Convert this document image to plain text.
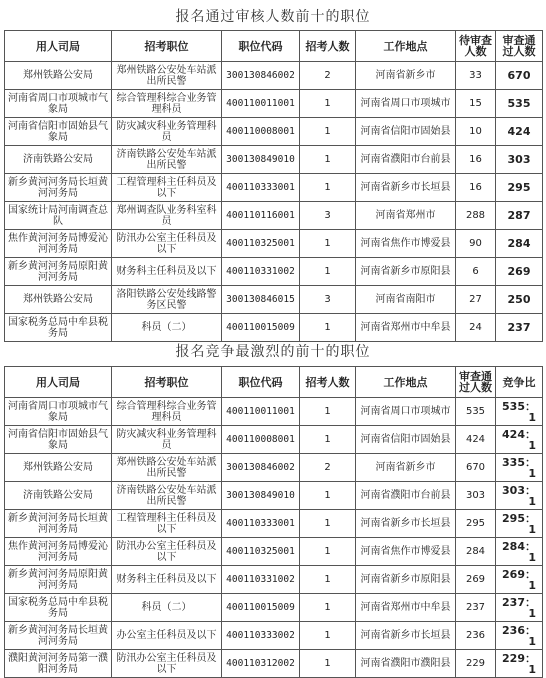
报名通过审核人数前十的职位
用人司局	招考职位	职位代码	招考人数	工作地点	待审查人数	审查通过人数
郑州铁路公安局	郑州铁路公安处车站派出所民警	300130846002	2	河南省新乡市	33	670
河南省周口市项城市气象局	综合管理科综合业务管理科员	400110011001	1	河南省周口市项城市	15	535
河南省信阳市固始县气象局	防灾减灾科业务管理科员	400110008001	1	河南省信阳市固始县	10	424
济南铁路公安局	济南铁路公安处车站派出所民警	300130849010	1	河南省濮阳市台前县	16	303
新乡黄河河务局长垣黄河河务局	工程管理科主任科员及以下	400110333001	1	河南省新乡市长垣县	16	295
国家统计局河南调查总队	郑州调查队业务科室科员	400110116001	3	河南省郑州市	288	287
焦作黄河河务局博爱沁河河务局	防汛办公室主任科员及以下	400110325001	1	河南省焦作市博爱县	90	284
新乡黄河河务局原阳黄河河务局	财务科主任科员及以下	400110331002	1	河南省新乡市原阳县	6	269
郑州铁路公安局	洛阳铁路公安处线路警务区民警	300130846015	3	河南省南阳市	27	250
国家税务总局中牟县税务局	科员（二）	400110015009	1	河南省郑州市中牟县	24	237
报名竞争最激烈的前十的职位
用人司局	招考职位	职位代码	招考人数	工作地点	审查通过人数	竞争比
河南省周口市项城市气象局	综合管理科综合业务管理科员	400110011001	1	河南省周口市项城市	535	535：1
河南省信阳市固始县气象局	防灾减灾科业务管理科员	400110008001	1	河南省信阳市固始县	424	424：1
郑州铁路公安局	郑州铁路公安处车站派出所民警	300130846002	2	河南省新乡市	670	335：1
济南铁路公安局	济南铁路公安处车站派出所民警	300130849010	1	河南省濮阳市台前县	303	303：1
新乡黄河河务局长垣黄河河务局	工程管理科主任科员及以下	400110333001	1	河南省新乡市长垣县	295	295：1
焦作黄河河务局博爱沁河河务局	防汛办公室主任科员及以下	400110325001	1	河南省焦作市博爱县	284	284：1
新乡黄河河务局原阳黄河河务局	财务科主任科员及以下	400110331002	1	河南省新乡市原阳县	269	269：1
国家税务总局中牟县税务局	科员（二）	400110015009	1	河南省郑州市中牟县	237	237：1
新乡黄河河务局长垣黄河河务局	办公室主任科员及以下	400110333002	1	河南省新乡市长垣县	236	236：1
濮阳黄河河务局第一濮阳河务局	防汛办公室主任科员及以下	400110312002	1	河南省濮阳市濮阳县	229	229：1
